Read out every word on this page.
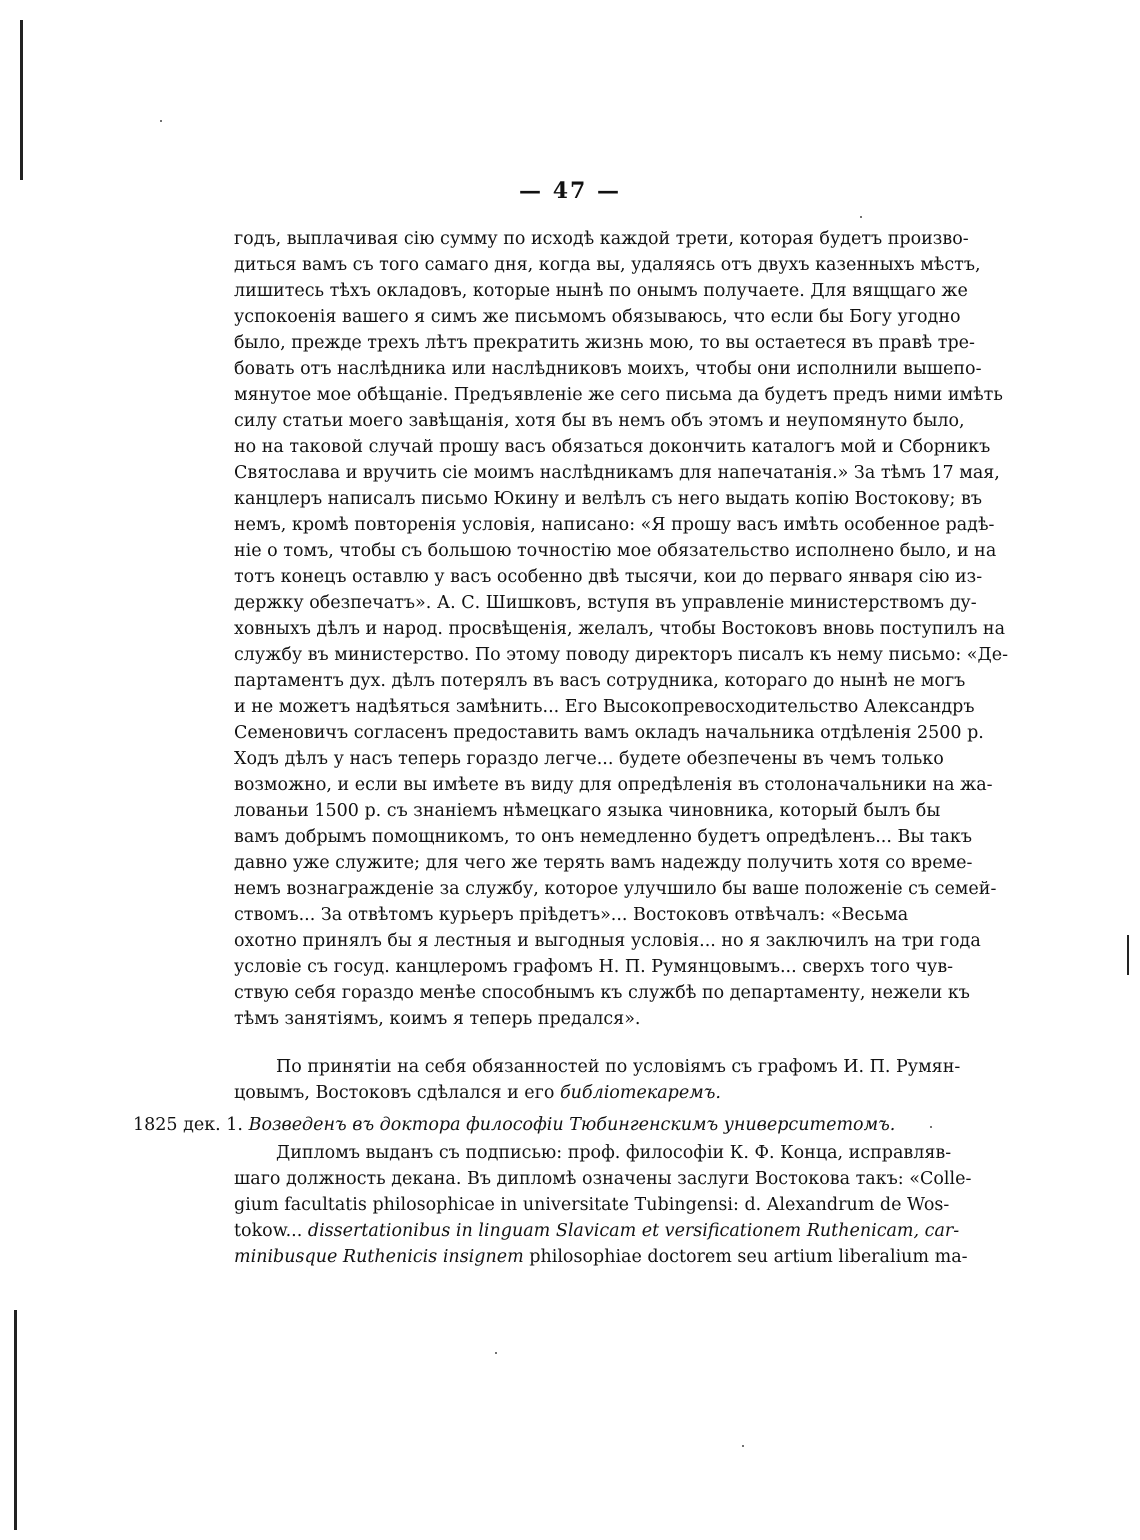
— 47 —
годъ, выплачивая сію сумму по исходѣ каждой трети, которая будетъ произво-
диться вамъ съ того самаго дня, когда вы, удаляясь отъ двухъ казенныхъ мѣстъ,
лишитесь тѣхъ окладовъ, которые нынѣ по онымъ получаете. Для вящщаго же
успокоенія вашего я симъ же письмомъ обязываюсь, что если бы Богу угодно
было, прежде трехъ лѣтъ прекратить жизнь мою, то вы остаетеся въ правѣ тре-
бовать отъ наслѣдника или наслѣдниковъ моихъ, чтобы они исполнили вышепо-
мянутое мое обѣщаніе. Предъявленіе же сего письма да будетъ предъ ними имѣть
силу статьи моего завѣщанія, хотя бы въ немъ объ этомъ и неупомянуто было,
но на таковой случай прошу васъ обязаться докончить каталогъ мой и Сборникъ
Святослава и вручить сіе моимъ наслѣдникамъ для напечатанія.» За тѣмъ 17 мая,
канцлеръ написалъ письмо Юкину и велѣлъ съ него выдать копію Востокову; въ
немъ, кромѣ повторенія условія, написано: «Я прошу васъ имѣть особенное радѣ-
ніе о томъ, чтобы съ большою точностію мое обязательство исполнено было, и на
тотъ конецъ оставлю у васъ особенно двѣ тысячи, кои до перваго января сію из-
держку обезпечатъ». А. С. Шишковъ, вступя въ управленіе министерствомъ ду-
ховныхъ дѣлъ и народ. просвѣщенія, желалъ, чтобы Востоковъ вновь поступилъ на
службу въ министерство. По этому поводу директоръ писалъ къ нему письмо: «Де-
партаментъ дух. дѣлъ потерялъ въ васъ сотрудника, котораго до нынѣ не могъ
и не можетъ надѣяться замѣнить... Его Высокопревосходительство Александръ
Семеновичъ согласенъ предоставить вамъ окладъ начальника отдѣленія 2500 р.
Ходъ дѣлъ у насъ теперь гораздо легче... будете обезпечены въ чемъ только
возможно, и если вы имѣете въ виду для опредѣленія въ столоначальники на жа-
лованьи 1500 р. съ знаніемъ нѣмецкаго языка чиновника, который былъ бы
вамъ добрымъ помощникомъ, то онъ немедленно будетъ опредѣленъ... Вы такъ
давно уже служите; для чего же терять вамъ надежду получить хотя со време-
немъ вознагражденіе за службу, которое улучшило бы ваше положеніе съ семей-
ствомъ... За отвѣтомъ курьеръ пріѣдетъ»... Востоковъ отвѣчалъ: «Весьма
охотно принялъ бы я лестныя и выгодныя условія... но я заключилъ на три года
условіе съ госуд. канцлеромъ графомъ Н. П. Румянцовымъ... сверхъ того чув-
ствую себя гораздо менѣе способнымъ къ службѣ по департаменту, нежели къ
тѣмъ занятіямъ, коимъ я теперь предался».
По принятіи на себя обязанностей по условіямъ съ графомъ И. П. Румян-
цовымъ, Востоковъ сдѣлался и его библіотекаремъ.
1825 дек. 1. Возведенъ въ доктора философіи Тюбингенскимъ университетомъ.
Дипломъ выданъ съ подписью: проф. философіи К. Ф. Конца, исправляв-
шаго должность декана. Въ дипломѣ означены заслуги Востокова такъ: «Colle-
gium facultatis philosophicae in universitate Tubingensi: d. Alexandrum de Wos-
tokow... dissertationibus in linguam Slavicam et versificationem Ruthenicam, car-
minibusque Ruthenicis insignem philosophiae doctorem seu artium liberalium ma-
